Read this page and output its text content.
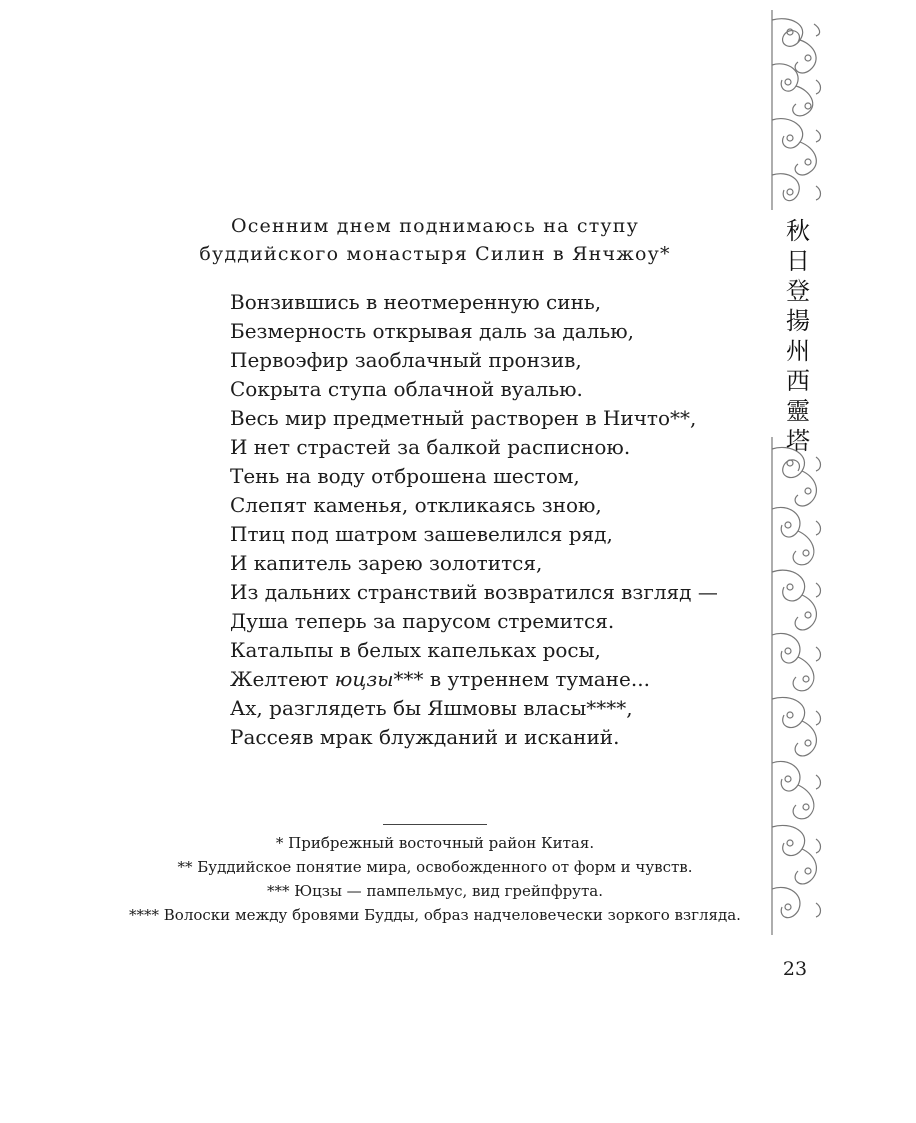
Осенним днем поднимаюсь на ступу
буддийского монастыря Силин в Янчжоу*
Вонзившись в неотмеренную синь,
Безмерность открывая даль за далью,
Первоэфир заоблачный пронзив,
Сокрыта ступа облачной вуалью.
Весь мир предметный растворен в Ничто**,
И нет страстей за балкой расписною.
Тень на воду отброшена шестом,
Слепят каменья, откликаясь зною,
Птиц под шатром зашевелился ряд,
И капитель зарею золотится,
Из дальних странствий возвратился взгляд —
Душа теперь за парусом стремится.
Катальпы в белых капельках росы,
Желтеют юцзы*** в утреннем тумане...
Ах, разглядеть бы Яшмовы власы****,
Рассеяв мрак блужданий и исканий.
* Прибрежный восточный район Китая.
** Буддийское понятие мира, освобожденного от форм и чувств.
*** Юцзы — пампельмус, вид грейпфрута.
**** Волоски между бровями Будды, образ надчеловечески зоркого взгляда.
秋
日
登
揚
州
西
靈
塔
23
